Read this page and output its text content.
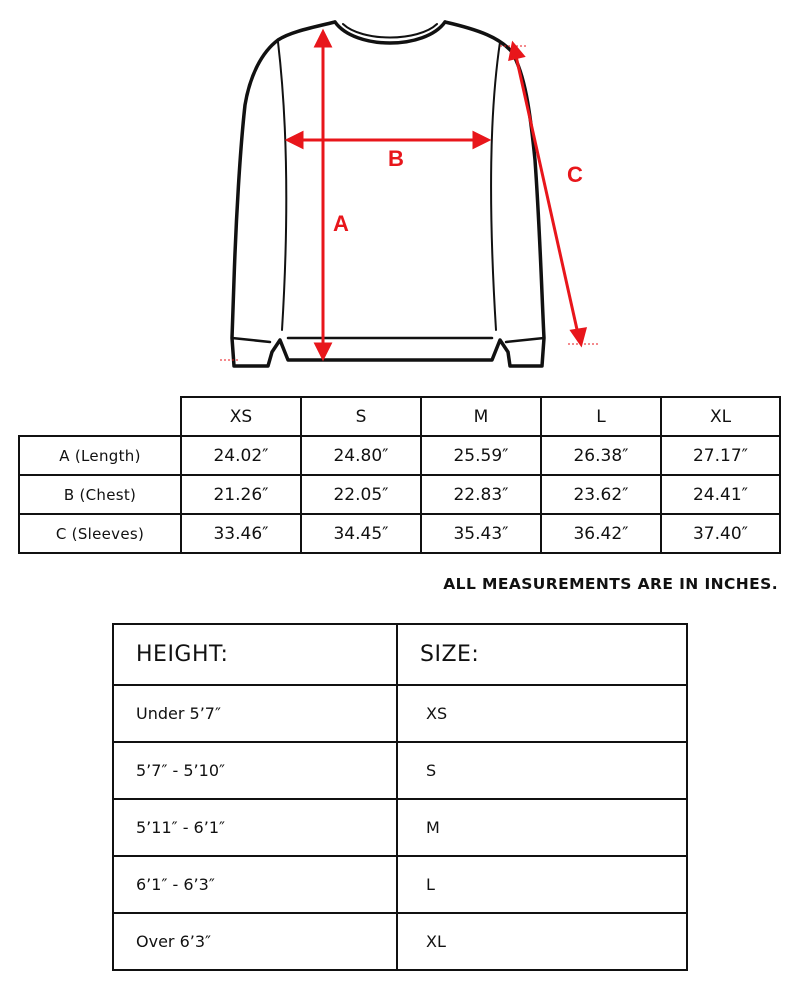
A
B
C
	XS	S	M	L	XL
A (Length)	24.02″	24.80″	25.59″	26.38″	27.17″
B (Chest)	21.26″	22.05″	22.83″	23.62″	24.41″
C (Sleeves)	33.46″	34.45″	35.43″	36.42″	37.40″
ALL MEASUREMENTS ARE IN INCHES.
HEIGHT:	SIZE:
Under 5’7″	XS
5’7″ - 5’10″	S
5’11″ - 6’1″	M
6’1″ - 6’3″	L
Over 6’3″	XL
